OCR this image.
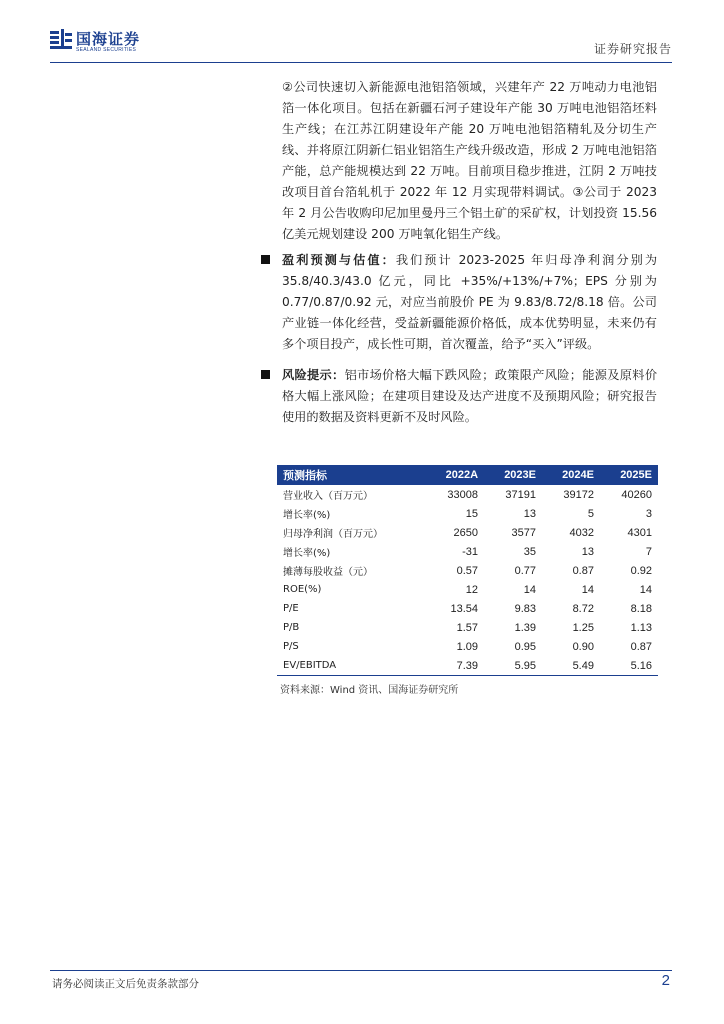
国海证券
SEALAND SECURITIES	证券研究报告

②公司快速切入新能源电池铝箔领域，兴建年产 22 万吨动力电池铝箔一体化项目。包括在新疆石河子建设年产能 30 万吨电池铝箔坯料生产线；在江苏江阴建设年产能 20 万吨电池铝箔精轧及分切生产线、并将原江阴新仁铝业铝箔生产线升级改造，形成 2 万吨电池铝箔产能，总产能规模达到 22 万吨。目前项目稳步推进，江阴 2 万吨技改项目首台箔轧机于 2022 年 12 月实现带料调试。③公司于 2023 年 2 月公告收购印尼加里曼丹三个铝土矿的采矿权，计划投资 15.56 亿美元规划建设 200 万吨氧化铝生产线。

盈利预测与估值：我们预计 2023-2025 年归母净利润分别为 35.8/40.3/43.0 亿元，同比 +35%/+13%/+7%；EPS 分别为 0.77/0.87/0.92 元，对应当前股价 PE 为 9.83/8.72/8.18 倍。公司产业链一体化经营，受益新疆能源价格低，成本优势明显，未来仍有多个项目投产，成长性可期，首次覆盖，给予“买入”评级。

风险提示：铝市场价格大幅下跌风险；政策限产风险；能源及原料价格大幅上涨风险；在建项目建设及达产进度不及预期风险；研究报告使用的数据及资料更新不及时风险。

预测指标	2022A	2023E	2024E	2025E
营业收入（百万元）	33008	37191	39172	40260
增长率(%)	15	13	5	3
归母净利润（百万元）	2650	3577	4032	4301
增长率(%)	-31	35	13	7
摊薄每股收益（元）	0.57	0.77	0.87	0.92
ROE(%)	12	14	14	14
P/E	13.54	9.83	8.72	8.18
P/B	1.57	1.39	1.25	1.13
P/S	1.09	0.95	0.90	0.87
EV/EBITDA	7.39	5.95	5.49	5.16
资料来源：Wind 资讯、国海证券研究所
请务必阅读正文后免责条款部分	2
